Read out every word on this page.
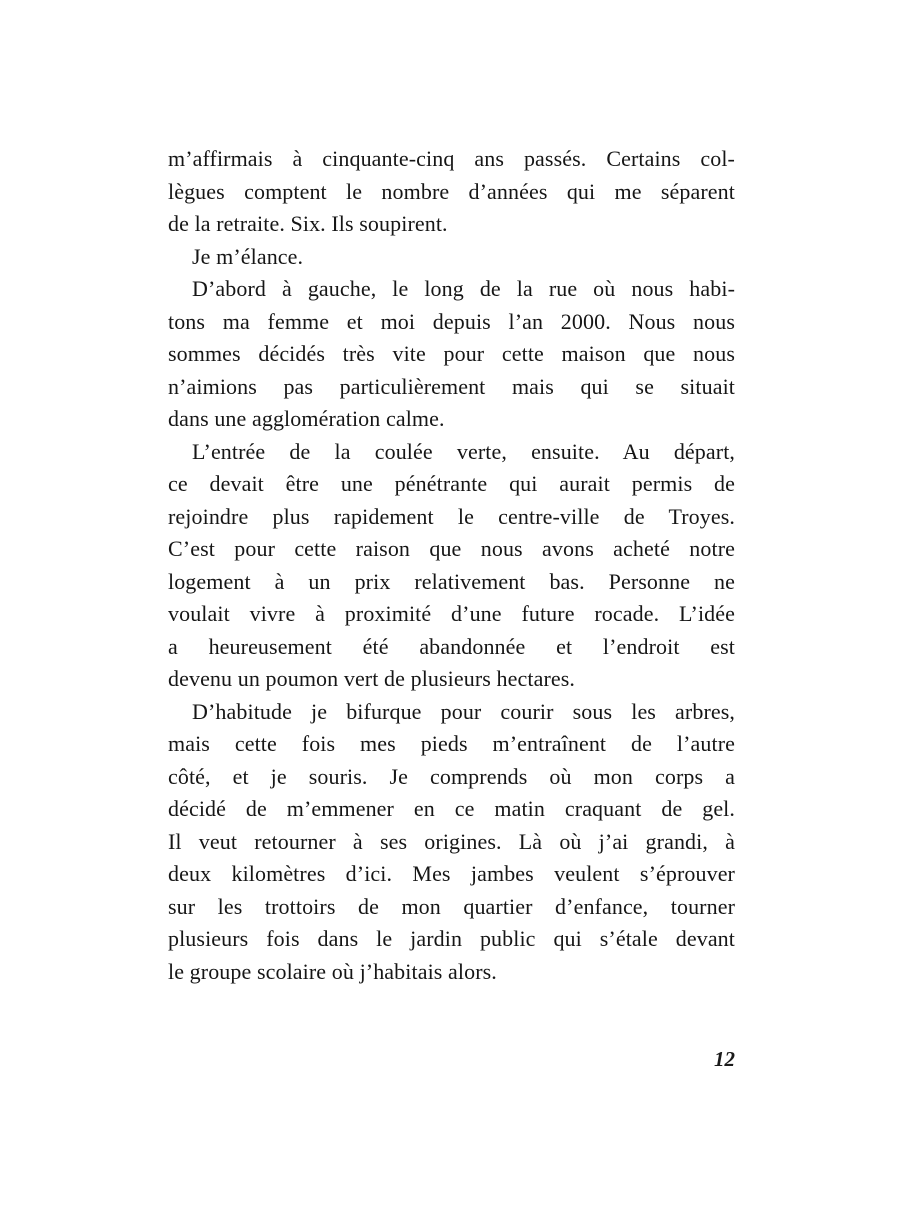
m’affirmais à cinquante-cinq ans passés. Certains col-
lègues comptent le nombre d’années qui me séparent
de la retraite. Six. Ils soupirent.
Je m’élance.
D’abord à gauche, le long de la rue où nous habi-
tons ma femme et moi depuis l’an 2000. Nous nous
sommes décidés très vite pour cette maison que nous
n’aimions pas particulièrement mais qui se situait
dans une agglomération calme.
L’entrée de la coulée verte, ensuite. Au départ,
ce devait être une pénétrante qui aurait permis de
rejoindre plus rapidement le centre-ville de Troyes.
C’est pour cette raison que nous avons acheté notre
logement à un prix relativement bas. Personne ne
voulait vivre à proximité d’une future rocade. L’idée
a heureusement été abandonnée et l’endroit est
devenu un poumon vert de plusieurs hectares.
D’habitude je bifurque pour courir sous les arbres,
mais cette fois mes pieds m’entraînent de l’autre
côté, et je souris. Je comprends où mon corps a
décidé de m’emmener en ce matin craquant de gel.
Il veut retourner à ses origines. Là où j’ai grandi, à
deux kilomètres d’ici. Mes jambes veulent s’éprouver
sur les trottoirs de mon quartier d’enfance, tourner
plusieurs fois dans le jardin public qui s’étale devant
le groupe scolaire où j’habitais alors.
12
